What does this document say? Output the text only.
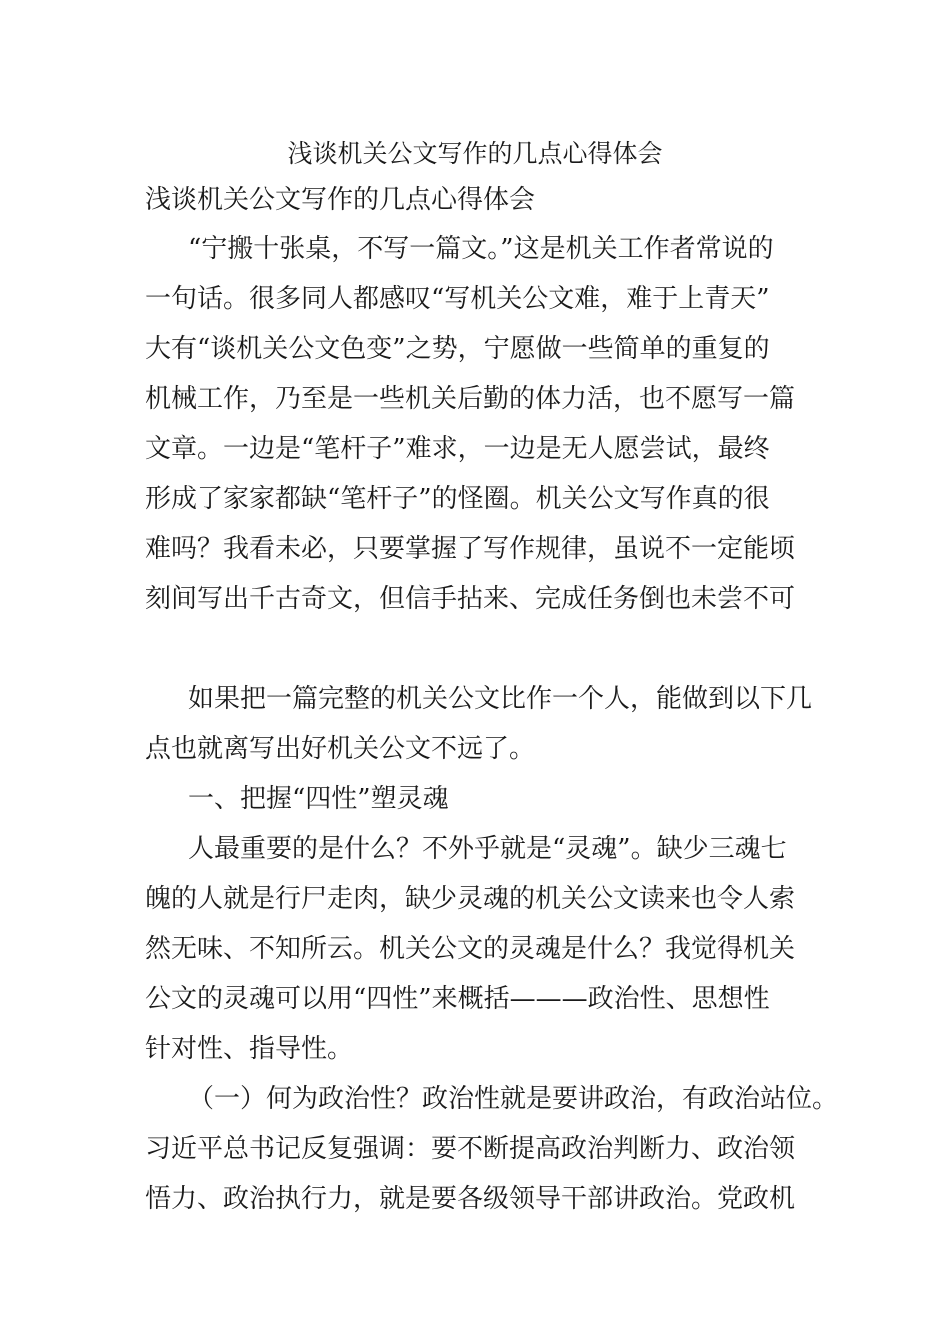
浅谈机关公文写作的几点心得体会
浅谈机关公文写作的几点心得体会
“宁搬十张桌，不写一篇文。”这是机关工作者常说的
一句话。很多同人都感叹“写机关公文难，难于上青天”
大有“谈机关公文色变”之势，宁愿做一些简单的重复的
机械工作，乃至是一些机关后勤的体力活，也不愿写一篇
文章。一边是“笔杆子”难求，一边是无人愿尝试，最终
形成了家家都缺“笔杆子”的怪圈。机关公文写作真的很
难吗？我看未必，只要掌握了写作规律，虽说不一定能顷
刻间写出千古奇文，但信手拈来、完成任务倒也未尝不可
如果把一篇完整的机关公文比作一个人，能做到以下几
点也就离写出好机关公文不远了。
一、把握“四性”塑灵魂
人最重要的是什么？不外乎就是“灵魂”。缺少三魂七
魄的人就是行尸走肉，缺少灵魂的机关公文读来也令人索
然无味、不知所云。机关公文的灵魂是什么？我觉得机关
公文的灵魂可以用“四性”来概括———政治性、思想性
针对性、指导性。
（一）何为政治性？政治性就是要讲政治，有政治站位。
习近平总书记反复强调：要不断提高政治判断力、政治领
悟力、政治执行力，就是要各级领导干部讲政治。党政机
